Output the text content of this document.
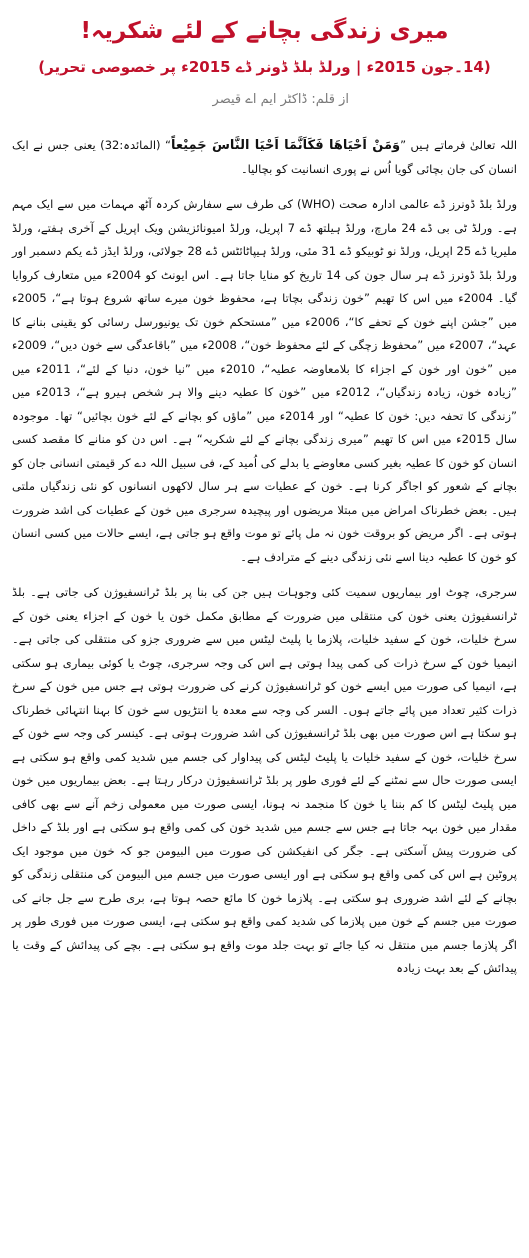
میری زندگی بچانے کے لئے شکریہ!
(14۔جون 2015ء | ورلڈ بلڈ ڈونر ڈے 2015ء پر خصوصی تحریر)
از قلم: ڈاکٹر ایم اے قیصر

اللہ تعالیٰ فرماتے ہیں ”وَمَنْ اَحْیَاھَا فَکَاَنَّمَا اَحْیَا النَّاسَ جَمِیْعاً“ (المائدہ:32) یعنی جس نے ایک انسان کی جان بچائی گویا اُس نے پوری انسانیت کو بچالیا۔

ورلڈ بلڈ ڈونرز ڈے عالمی ادارہ صحت (WHO) کی طرف سے سفارش کردہ آٹھ مہمات میں سے ایک مہم ہے۔ ورلڈ ٹی بی ڈے 24 مارچ، ورلڈ ہیلتھ ڈے 7 اپریل، ورلڈ امیونائزیشن ویک اپریل کے آخری ہفتے، ورلڈ ملیریا ڈے 25 اپریل، ورلڈ نو ٹوبیکو ڈے 31 مئی، ورلڈ ہیپاٹائٹس ڈے 28 جولائی، ورلڈ ایڈز ڈے یکم دسمبر اور ورلڈ بلڈ ڈونرز ڈے ہر سال جون کی 14 تاریخ کو منایا جاتا ہے۔ اس ایونٹ کو 2004ء میں متعارف کروایا گیا۔ 2004ء میں اس کا تھیم ”خون زندگی بچاتا ہے، محفوظ خون میرے ساتھ شروع ہوتا ہے“، 2005ء میں ”جشن اپنے خون کے تحفے کا“، 2006ء میں ”مستحکم خون تک یونیورسل رسائی کو یقینی بنانے کا عہد“، 2007ء میں ”محفوظ زچگی کے لئے محفوظ خون“، 2008ء میں ”باقاعدگی سے خون دیں“، 2009ء میں ”خون اور خون کے اجزاء کا بلامعاوضہ عطیہ“، 2010ء میں ”نیا خون، دنیا کے لئے“، 2011ء میں ”زیادہ خون، زیادہ زندگیاں“، 2012ء میں ”خون کا عطیہ دینے والا ہر شخص ہیرو ہے“، 2013ء میں ”زندگی کا تحفہ دیں: خون کا عطیہ“ اور 2014ء میں ”ماؤں کو بچانے کے لئے خون بچائیں“ تھا۔ موجودہ سال 2015ء میں اس کا تھیم ”میری زندگی بچانے کے لئے شکریہ“ ہے۔ اس دن کو منانے کا مقصد کسی انسان کو خون کا عطیہ بغیر کسی معاوضے یا بدلے کی اُمید کے، فی سبیل اللہ دے کر قیمتی انسانی جان کو بچانے کے شعور کو اجاگر کرنا ہے۔ خون کے عطیات سے ہر سال لاکھوں انسانوں کو نئی زندگیاں ملتی ہیں۔ بعض خطرناک امراض میں مبتلا مریضوں اور پیچیدہ سرجری میں خون کے عطیات کی اشد ضرورت ہوتی ہے۔ اگر مریض کو بروقت خون نہ مل پائے تو موت واقع ہو جاتی ہے، ایسے حالات میں کسی انسان کو خون کا عطیہ دینا اسے نئی زندگی دینے کے مترادف ہے۔

سرجری، چوٹ اور بیماریوں سمیت کئی وجوہات ہیں جن کی بنا پر بلڈ ٹرانسفیوژن کی جاتی ہے۔ بلڈ ٹرانسفیوژن یعنی خون کی منتقلی میں ضرورت کے مطابق مکمل خون یا خون کے اجزاء یعنی خون کے سرخ خلیات، خون کے سفید خلیات، پلازما یا پلیٹ لیٹس میں سے ضروری جزو کی منتقلی کی جاتی ہے۔ انیمیا خون کے سرخ ذرات کی کمی پیدا ہوتی ہے اس کی وجہ سرجری، چوٹ یا کوئی بیماری ہو سکتی ہے، انیمیا کی صورت میں ایسے خون کو ٹرانسفیوژن کرنے کی ضرورت ہوتی ہے جس میں خون کے سرخ ذرات کثیر تعداد میں پائے جاتے ہوں۔ السر کی وجہ سے معدہ یا انتڑیوں سے خون کا بہنا انتہائی خطرناک ہو سکتا ہے اس صورت میں بھی بلڈ ٹرانسفیوژن کی اشد ضرورت ہوتی ہے۔ کینسر کی وجہ سے خون کے سرخ خلیات، خون کے سفید خلیات یا پلیٹ لیٹس کی پیداوار کی جسم میں شدید کمی واقع ہو سکتی ہے ایسی صورت حال سے نمٹنے کے لئے فوری طور پر بلڈ ٹرانسفیوژن درکار رہتا ہے۔ بعض بیماریوں میں خون میں پلیٹ لیٹس کا کم بننا یا خون کا منجمد نہ ہونا، ایسی صورت میں معمولی زخم آنے سے بھی کافی مقدار میں خون بہہ جاتا ہے جس سے جسم میں شدید خون کی کمی واقع ہو سکتی ہے اور بلڈ کے داخل کی ضرورت پیش آسکتی ہے۔ جگر کی انفیکشن کی صورت میں البیومن جو کہ خون میں موجود ایک پروٹین ہے اس کی کمی واقع ہو سکتی ہے اور ایسی صورت میں جسم میں البیومن کی منتقلی زندگی کو بچانے کے لئے اشد ضروری ہو سکتی ہے۔ پلازما خون کا مائع حصہ ہوتا ہے، بری طرح سے جل جانے کی صورت میں جسم کے خون میں پلازما کی شدید کمی واقع ہو سکتی ہے، ایسی صورت میں فوری طور پر اگر پلازما جسم میں منتقل نہ کیا جائے تو بہت جلد موت واقع ہو سکتی ہے۔ بچے کی پیدائش کے وقت یا پیدائش کے بعد بہت زیادہ
